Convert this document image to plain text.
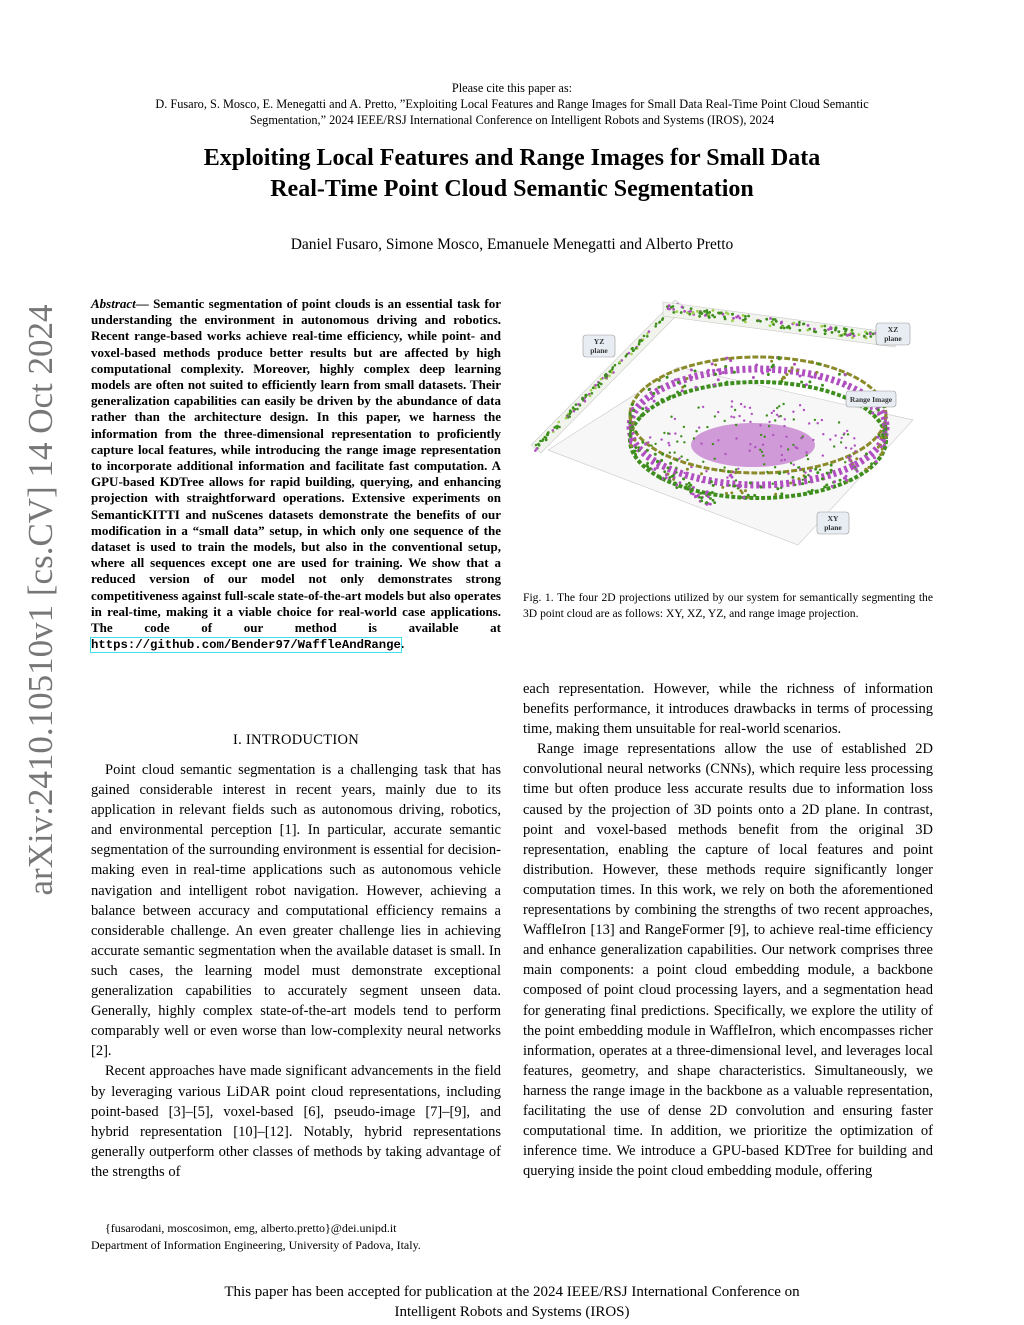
arXiv:2410.10510v1 [cs.CV] 14 Oct 2024
Please cite this paper as:
D. Fusaro, S. Mosco, E. Menegatti and A. Pretto, ”Exploiting Local Features and Range Images for Small Data Real-Time Point Cloud Semantic
Segmentation,” 2024 IEEE/RSJ International Conference on Intelligent Robots and Systems (IROS), 2024
Exploiting Local Features and Range Images for Small Data
Real-Time Point Cloud Semantic Segmentation
Daniel Fusaro, Simone Mosco, Emanuele Menegatti and Alberto Pretto
Abstract— Semantic segmentation of point clouds is an essential task for understanding the environment in autonomous driving and robotics. Recent range-based works achieve real-time efficiency, while point- and voxel-based methods produce better results but are affected by high computational complexity. Moreover, highly complex deep learning models are often not suited to efficiently learn from small datasets. Their generalization capabilities can easily be driven by the abundance of data rather than the architecture design. In this paper, we harness the information from the three-dimensional representation to proficiently capture local features, while introducing the range image representation to incorporate additional information and facilitate fast computation. A GPU-based KDTree allows for rapid building, querying, and enhancing projection with straightforward operations. Extensive experiments on SemanticKITTI and nuScenes datasets demonstrate the benefits of our modification in a “small data” setup, in which only one sequence of the dataset is used to train the models, but also in the conventional setup, where all sequences except one are used for training. We show that a reduced version of our model not only demonstrates strong competitiveness against full-scale state-of-the-art models but also operates in real-time, making it a viable choice for real-world case applications. The code of our method is available at https://github.com/Bender97/WaffleAndRange.
I. INTRODUCTION

Point cloud semantic segmentation is a challenging task that has gained considerable interest in recent years, mainly due to its application in relevant fields such as autonomous driving, robotics, and environmental perception [1]. In particular, accurate semantic segmentation of the surrounding environment is essential for decision-making even in real-time applications such as autonomous vehicle navigation and intelligent robot navigation. However, achieving a balance between accuracy and computational efficiency remains a considerable challenge. An even greater challenge lies in achieving accurate semantic segmentation when the available dataset is small. In such cases, the learning model must demonstrate exceptional generalization capabilities to accurately segment unseen data. Generally, highly complex state-of-the-art models tend to perform comparably well or even worse than low-complexity neural networks [2].

Recent approaches have made significant advancements in the field by leveraging various LiDAR point cloud representations, including point-based [3]–[5], voxel-based [6], pseudo-image [7]–[9], and hybrid representation [10]–[12]. Notably, hybrid representations generally outperform other classes of methods by taking advantage of the strengths of

{fusarodani, moscosimon, emg, alberto.pretto}@dei.unipd.it
Department of Information Engineering, University of Padova, Italy.
YZ
plane
XZ
plane
Range Image
XY
plane
Fig. 1. The four 2D projections utilized by our system for semantically segmenting the 3D point cloud are as follows: XY, XZ, YZ, and range image projection.

each representation. However, while the richness of information benefits performance, it introduces drawbacks in terms of processing time, making them unsuitable for real-world scenarios.

Range image representations allow the use of established 2D convolutional neural networks (CNNs), which require less processing time but often produce less accurate results due to information loss caused by the projection of 3D points onto a 2D plane. In contrast, point and voxel-based methods benefit from the original 3D representation, enabling the capture of local features and point distribution. However, these methods require significantly longer computation times. In this work, we rely on both the aforementioned representations by combining the strengths of two recent approaches, WaffleIron [13] and RangeFormer [9], to achieve real-time efficiency and enhance generalization capabilities. Our network comprises three main components: a point cloud embedding module, a backbone composed of point cloud processing layers, and a segmentation head for generating final predictions. Specifically, we explore the utility of the point embedding module in WaffleIron, which encompasses richer information, operates at a three-dimensional level, and leverages local features, geometry, and shape characteristics. Simultaneously, we harness the range image in the backbone as a valuable representation, facilitating the use of dense 2D convolution and ensuring faster computational time. In addition, we prioritize the optimization of inference time. We introduce a GPU-based KDTree for building and querying inside the point cloud embedding module, offering

This paper has been accepted for publication at the 2024 IEEE/RSJ International Conference on
Intelligent Robots and Systems (IROS)
